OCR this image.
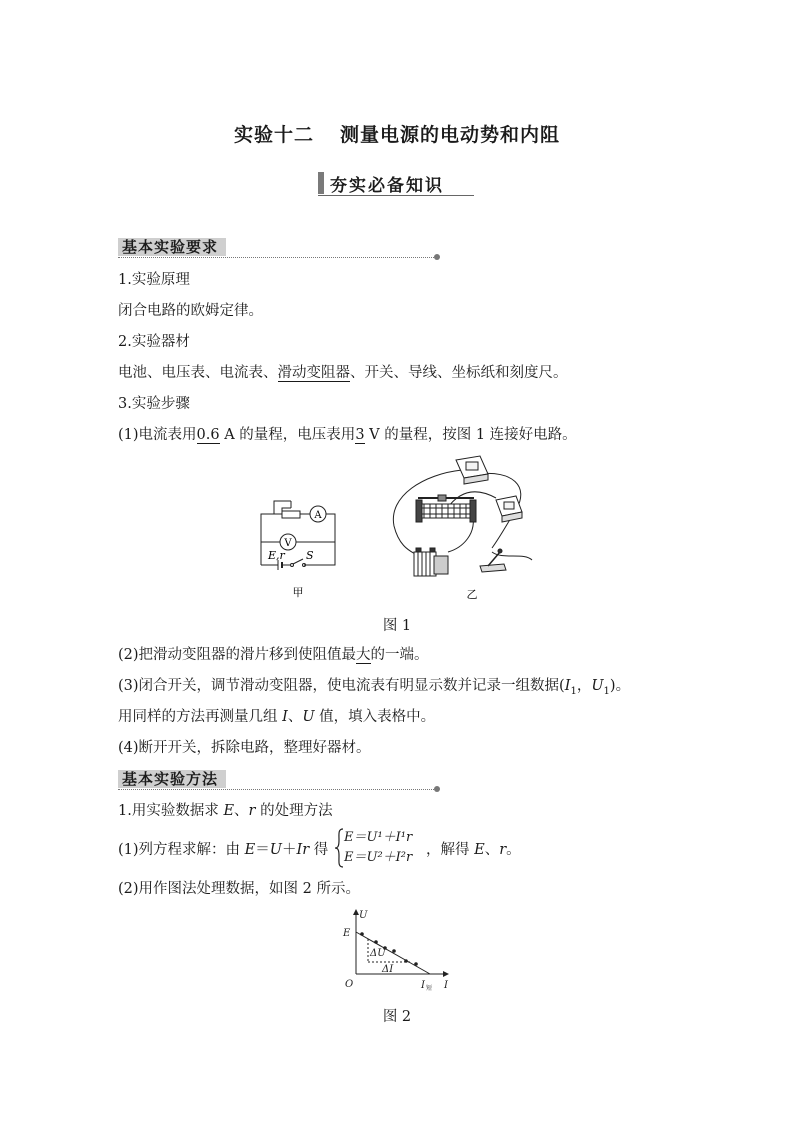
实验十二 测量电源的电动势和内阻
夯实必备知识
基本实验要求
1.实验原理
闭合电路的欧姆定律。
2.实验器材
电池、电压表、电流表、滑动变阻器、开关、导线、坐标纸和刻度尺。
3.实验步骤
(1)电流表用0.6 A 的量程，电压表用3 V 的量程，按图 1 连接好电路。
A
V
E,r S
甲	乙
图 1
(2)把滑动变阻器的滑片移到使阻值最大的一端。
(3)闭合开关，调节滑动变阻器，使电流表有明显示数并记录一组数据($I_1$，$U_1$)。
用同样的方法再测量几组 I、U 值，填入表格中。
(4)断开开关，拆除电路，整理好器材。
基本实验方法
1.用实验数据求 E、r 的处理方法
(1)列方程求解：由 E＝U＋Ir 得
E＝U¹＋I¹r
E＝U²＋I²r ，解得 E、r。
(2)用作图法处理数据，如图 2 所示。
U
E
O	I
I
ΔU
ΔI
短
图 2
